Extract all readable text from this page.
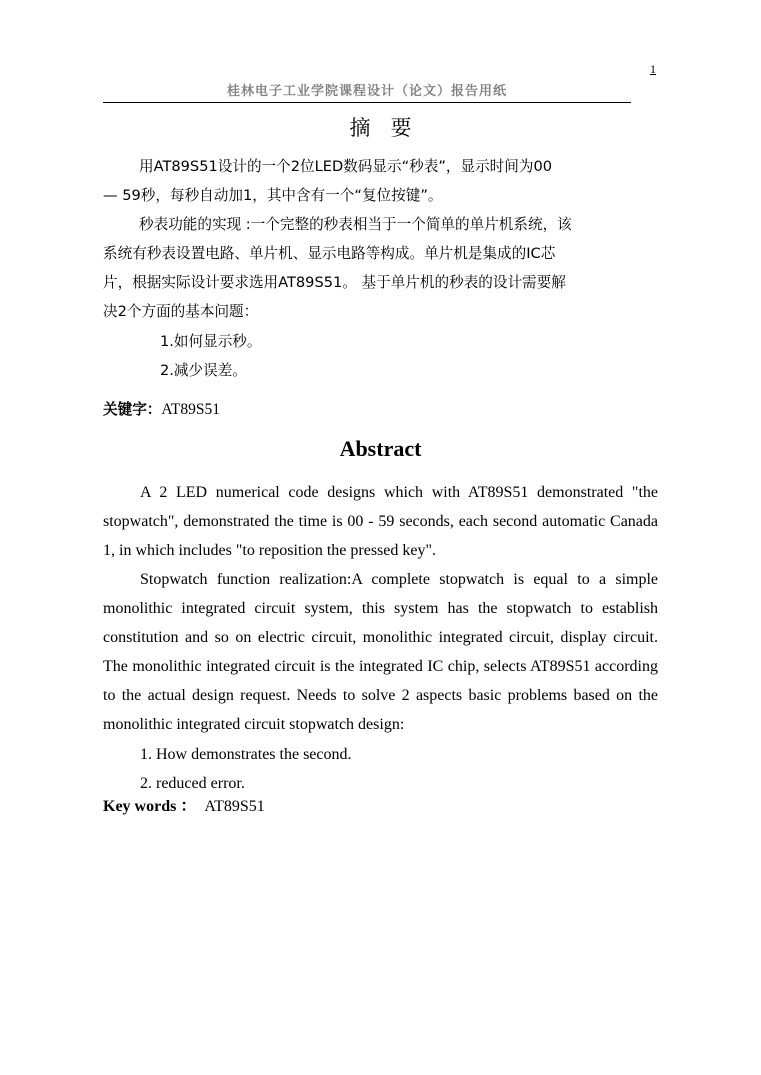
1
桂林电子工业学院课程设计（论文）报告用纸
摘 要
用AT89S51设计的一个2位LED数码显示“秒表”，显示时间为00
— 59秒，每秒自动加1，其中含有一个“复位按键”。
秒表功能的实现 :一个完整的秒表相当于一个简单的单片机系统，该
系统有秒表设置电路、单片机、显示电路等构成。单片机是集成的IC芯
片，根据实际设计要求选用AT89S51。 基于单片机的秒表的设计需要解
决2个方面的基本问题：
1.如何显示秒。
2.减少误差。
关键字：AT89S51
Abstract
A 2 LED numerical code designs which with AT89S51 demonstrated "the stopwatch", demonstrated the time is 00 - 59 seconds, each second automatic Canada 1, in which includes "to reposition the pressed key".
Stopwatch function realization:A complete stopwatch is equal to a simple monolithic integrated circuit system, this system has the stopwatch to establish constitution and so on electric circuit, monolithic integrated circuit, display circuit. The monolithic integrated circuit is the integrated IC chip, selects AT89S51 according to the actual design request. Needs to solve 2 aspects basic problems based on the monolithic integrated circuit stopwatch design:
1. How demonstrates the second.
2. reduced error.
Key words ： AT89S51
